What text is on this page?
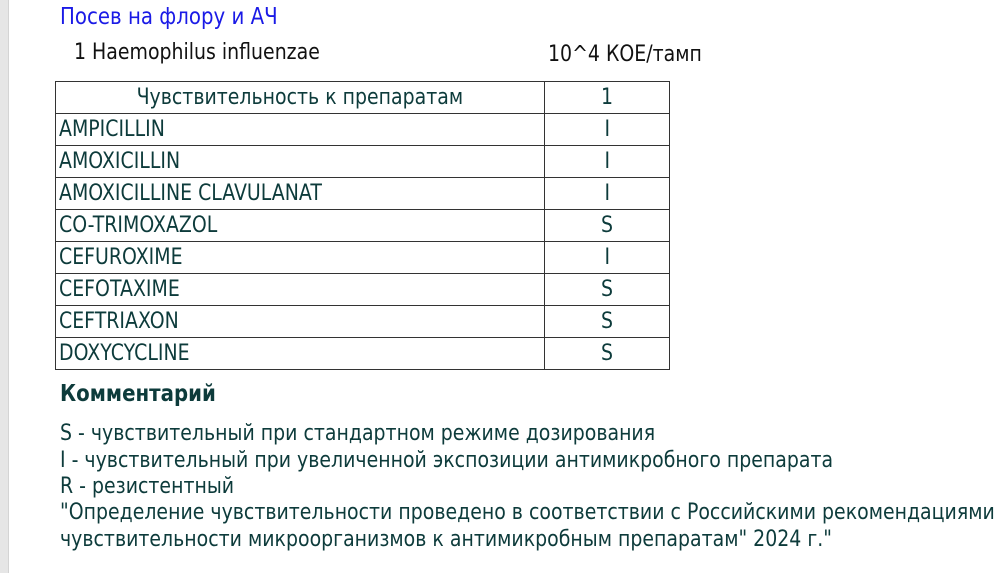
Посев на флору и АЧ
1 Haemophilus influenzae	10^4 КОЕ/тамп
Чувствительность к препаратам	1
AMPICILLIN	I
AMOXICILLIN	I
AMOXICILLINE CLAVULANAT	I
CO-TRIMOXAZOL	S
CEFUROXIME	I
CEFOTAXIME	S
CEFTRIAXON	S
DOXYCYCLINE	S
Комментарий
S - чувствительный при стандартном режиме дозирования
I - чувствительный при увеличенной экспозиции антимикробного препарата
R - резистентный
"Определение чувствительности проведено в соответствии с Российскими рекомендациями
чувствительности микроорганизмов к антимикробным препаратам" 2024 г."
